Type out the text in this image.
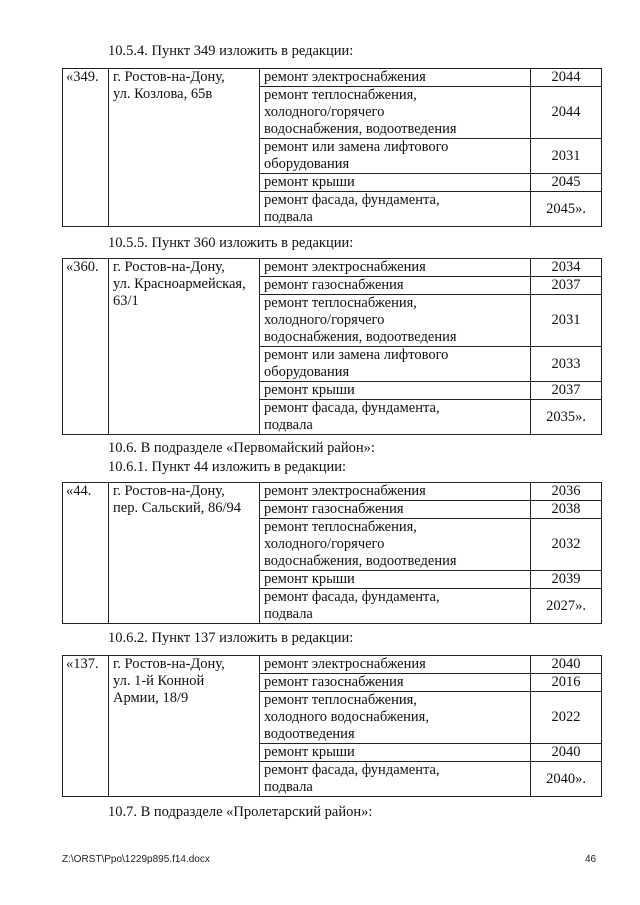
10.5.4. Пункт 349 изложить в редакции:

«349.	г. Ростов-на-Дону,
ул. Козлова, 65в	ремонт электроснабжения	2044

		ремонт теплоснабжения,
холодного/горячего
водоснабжения, водоотведения	2044

		ремонт или замена лифтового
оборудования	2031

		ремонт крыши	2045

		ремонт фасада, фундамента,
подвала	2045».

10.5.5. Пункт 360 изложить в редакции:

«360.	г. Ростов-на-Дону,
ул. Красноармейская,
63/1	ремонт электроснабжения	2034

		ремонт газоснабжения	2037

		ремонт теплоснабжения,
холодного/горячего
водоснабжения, водоотведения	2031

		ремонт или замена лифтового
оборудования	2033

		ремонт крыши	2037

		ремонт фасада, фундамента,
подвала	2035».

10.6. В подразделе «Первомайский район»:

10.6.1. Пункт 44 изложить в редакции:

«44.	г. Ростов-на-Дону,
пер. Сальский, 86/94	ремонт электроснабжения	2036

		ремонт газоснабжения	2038

		ремонт теплоснабжения,
холодного/горячего
водоснабжения, водоотведения	2032

		ремонт крыши	2039

		ремонт фасада, фундамента,
подвала	2027».

10.6.2. Пункт 137 изложить в редакции:

«137.	г. Ростов-на-Дону,
ул. 1-й Конной
Армии, 18/9	ремонт электроснабжения	2040

		ремонт газоснабжения	2016

		ремонт теплоснабжения,
холодного водоснабжения,
водоотведения	2022

		ремонт крыши	2040

		ремонт фасада, фундамента,
подвала	2040».

10.7. В подразделе «Пролетарский район»:

Z:\ORST\Ppo\1229p895.f14.docx	46
